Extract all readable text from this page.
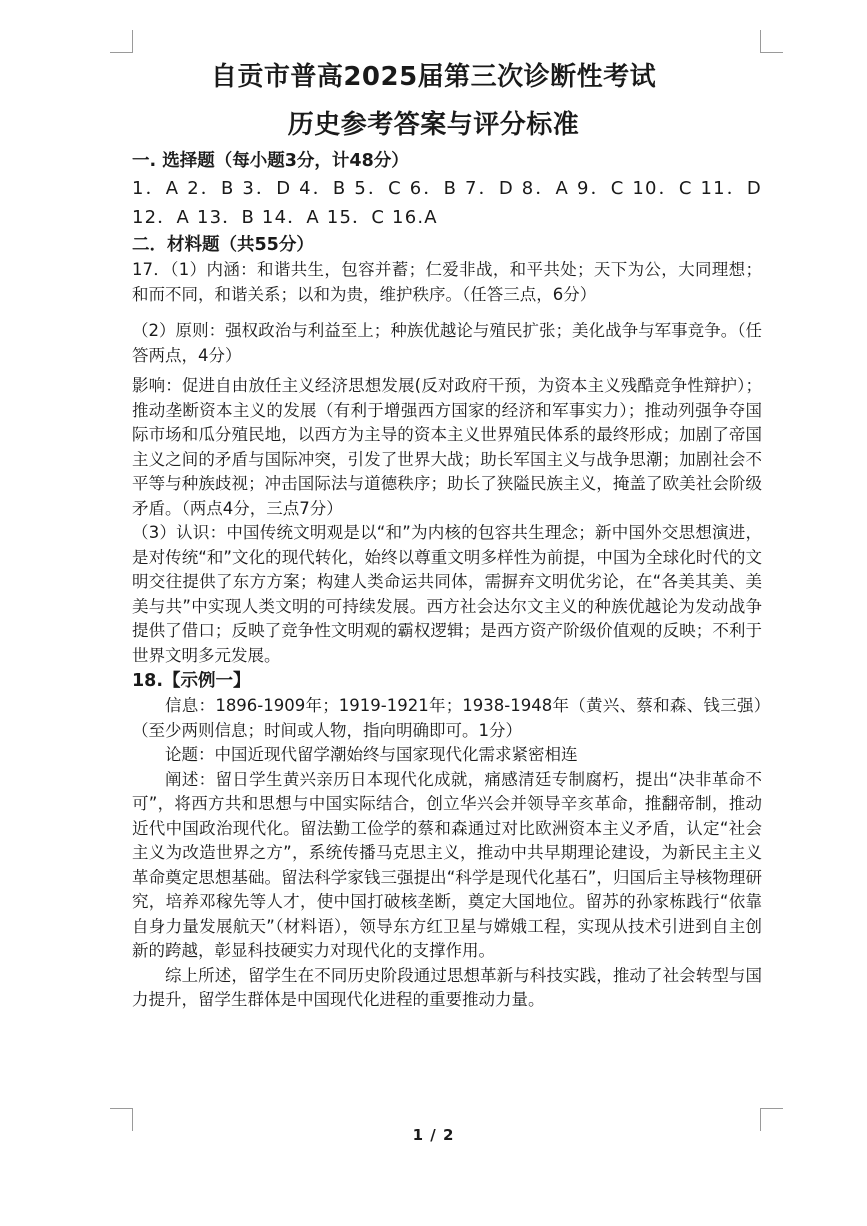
自贡市普高2025届第三次诊断性考试
历史参考答案与评分标准

一. 选择题（每小题3分，计48分）

1．A 2．B 3．D 4．B 5．C 6．B 7．D 8．A 9．C 10．C 11．D 12．A 13．B 14．A 15．C 16.A

二．材料题（共55分）

17．（1）内涵：和谐共生，包容并蓄；仁爱非战，和平共处；天下为公，大同理想；和而不同，和谐关系；以和为贵，维护秩序。（任答三点，6分）

（2）原则：强权政治与利益至上；种族优越论与殖民扩张；美化战争与军事竞争。（任答两点，4分）

影响：促进自由放任主义经济思想发展(反对政府干预，为资本主义残酷竞争性辩护）；推动垄断资本主义的发展（有利于增强西方国家的经济和军事实力）；推动列强争夺国际市场和瓜分殖民地，以西方为主导的资本主义世界殖民体系的最终形成；加剧了帝国主义之间的矛盾与国际冲突，引发了世界大战；助长军国主义与战争思潮；加剧社会不平等与种族歧视；冲击国际法与道德秩序；助长了狭隘民族主义，掩盖了欧美社会阶级矛盾。（两点4分，三点7分）

（3）认识：中国传统文明观是以“和”为内核的包容共生理念；新中国外交思想演进，是对传统“和”文化的现代转化，始终以尊重文明多样性为前提，中国为全球化时代的文明交往提供了东方方案；构建人类命运共同体，需摒弃文明优劣论，在“各美其美、美美与共”中实现人类文明的可持续发展。西方社会达尔文主义的种族优越论为发动战争提供了借口；反映了竞争性文明观的霸权逻辑；是西方资产阶级价值观的反映；不利于世界文明多元发展。

18.【示例一】

信息：1896-1909年；1919-1921年；1938-1948年（黄兴、蔡和森、钱三强）（至少两则信息；时间或人物，指向明确即可。1分）

论题：中国近现代留学潮始终与国家现代化需求紧密相连

阐述：留日学生黄兴亲历日本现代化成就，痛感清廷专制腐朽，提出“决非革命不可”，将西方共和思想与中国实际结合，创立华兴会并领导辛亥革命，推翻帝制，推动近代中国政治现代化。留法勤工俭学的蔡和森通过对比欧洲资本主义矛盾，认定“社会主义为改造世界之方”，系统传播马克思主义，推动中共早期理论建设，为新民主主义革命奠定思想基础。留法科学家钱三强提出“科学是现代化基石”，归国后主导核物理研究，培养邓稼先等人才，使中国打破核垄断，奠定大国地位。留苏的孙家栋践行“依靠自身力量发展航天”（材料语），领导东方红卫星与嫦娥工程，实现从技术引进到自主创新的跨越，彰显科技硬实力对现代化的支撑作用。

综上所述，留学生在不同历史阶段通过思想革新与科技实践，推动了社会转型与国力提升，留学生群体是中国现代化进程的重要推动力量。

1 / 2
